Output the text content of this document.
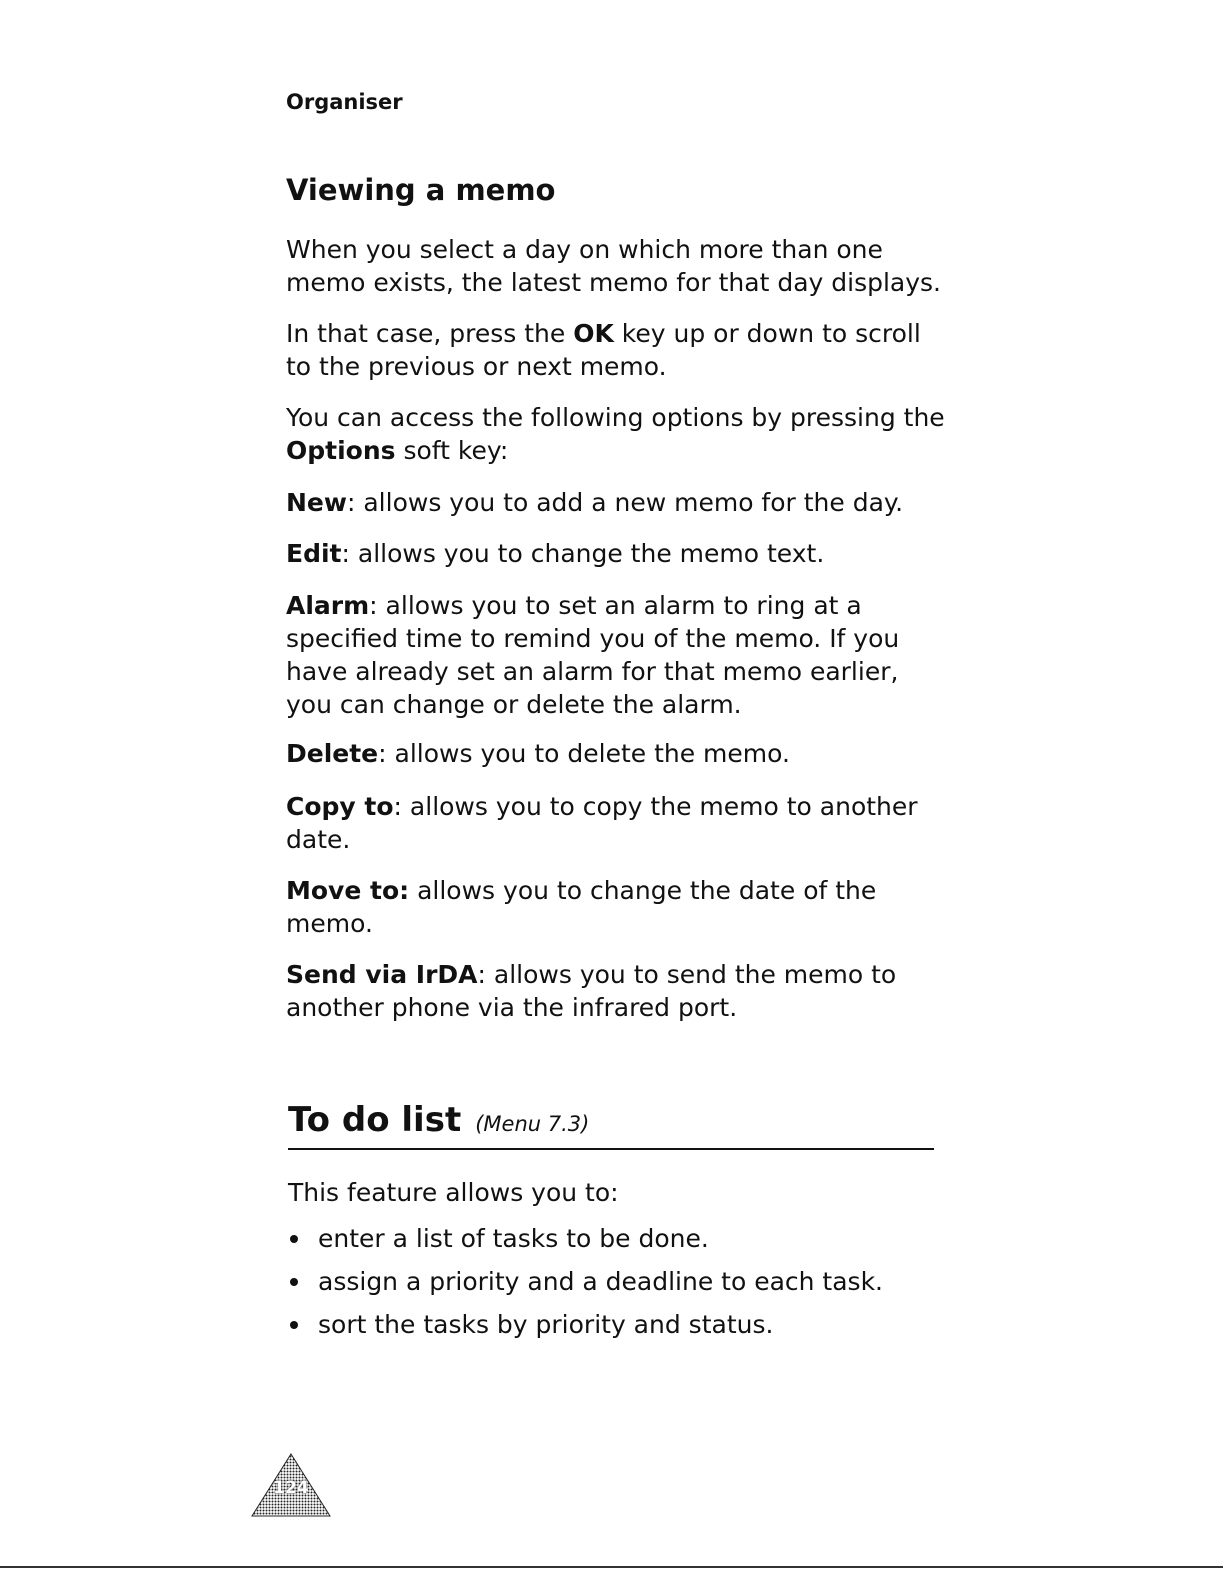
Organiser
Viewing a memo

When you select a day on which more than one memo exists, the latest memo for that day displays.

In that case, press the OK key up or down to scroll to the previous or next memo.

You can access the following options by pressing the Options soft key:

New: allows you to add a new memo for the day.

Edit: allows you to change the memo text.

Alarm: allows you to set an alarm to ring at a specified time to remind you of the memo. If you have already set an alarm for that memo earlier, you can change or delete the alarm.

Delete: allows you to delete the memo.

Copy to: allows you to copy the memo to another date.

Move to: allows you to change the date of the memo.

Send via IrDA: allows you to send the memo to another phone via the infrared port.

To do list (Menu 7.3)

This feature allows you to:

enter a list of tasks to be done.
assign a priority and a deadline to each task.
sort the tasks by priority and status.
124
